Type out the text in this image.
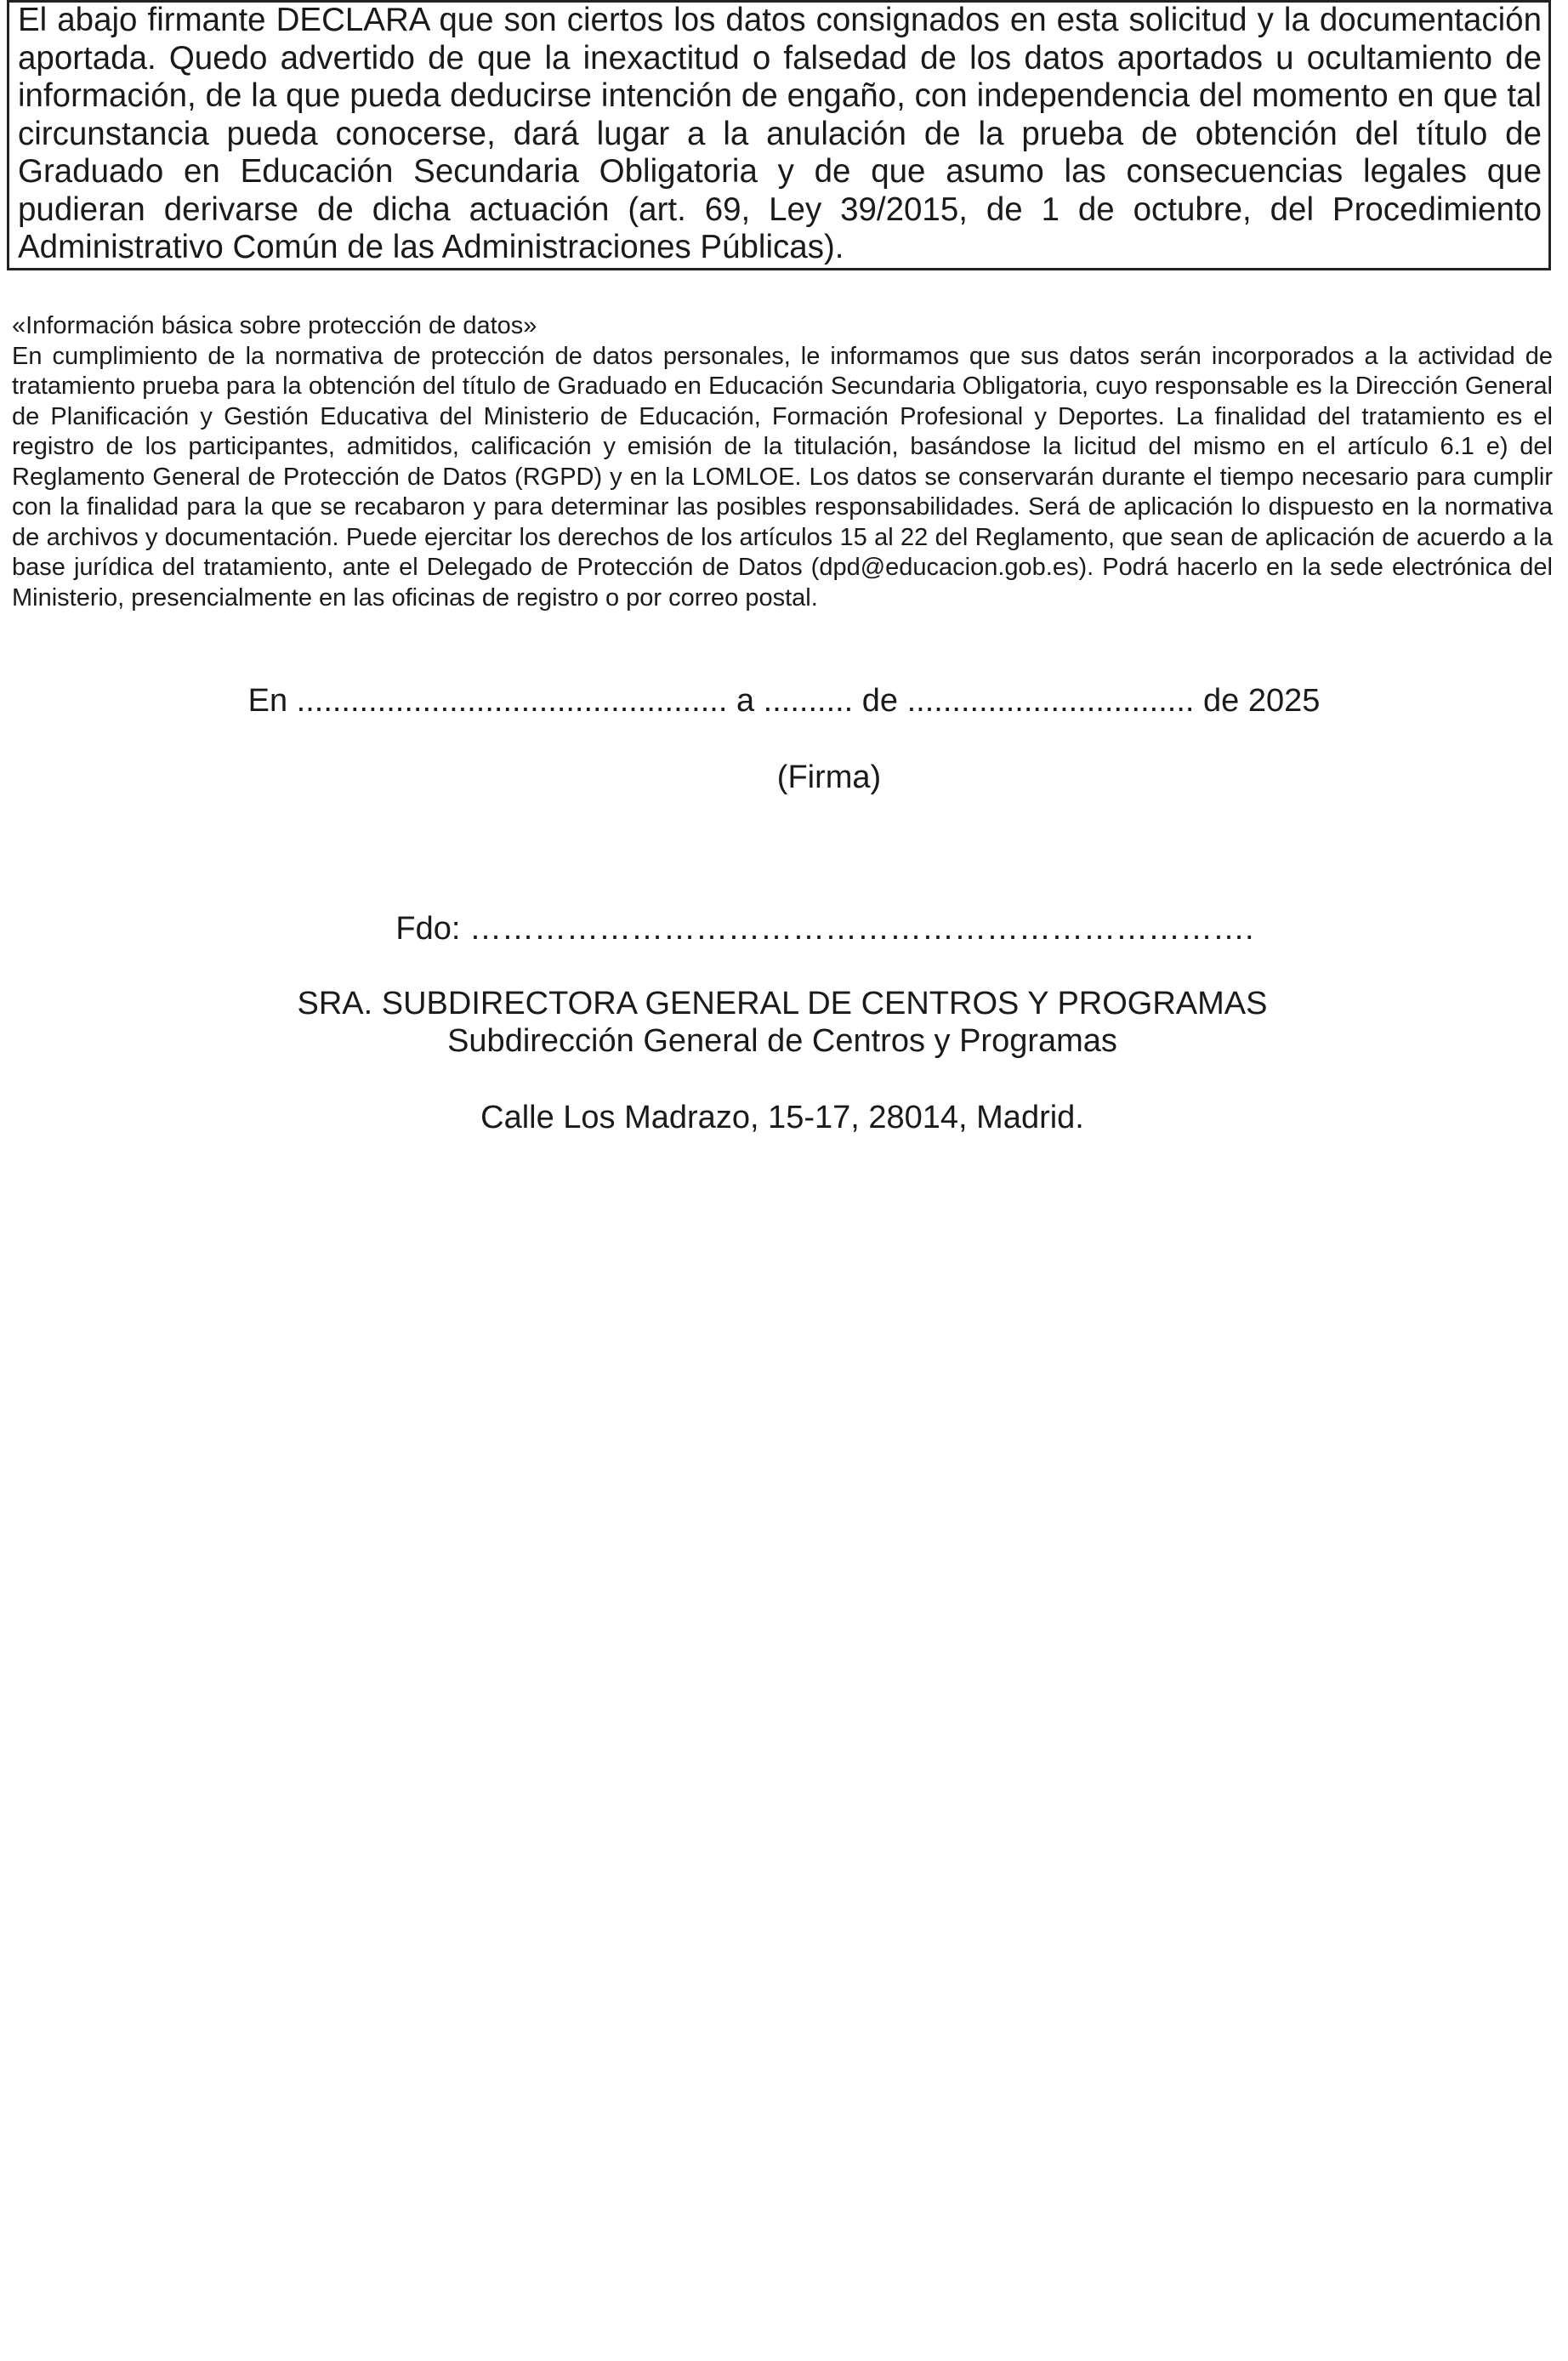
El abajo firmante DECLARA que son ciertos los datos consignados en esta solicitud y la documentación aportada. Quedo advertido de que la inexactitud o falsedad de los datos aportados u ocultamiento de información, de la que pueda deducirse intención de engaño, con independencia del momento en que tal circunstancia pueda conocerse, dará lugar a la anulación de la prueba de obtención del título de Graduado en Educación Secundaria Obligatoria y de que asumo las consecuencias legales que pudieran derivarse de dicha actuación (art. 69, Ley 39/2015, de 1 de octubre, del Procedimiento Administrativo Común de las Administraciones Públicas).

«Información básica sobre protección de datos»

En cumplimiento de la normativa de protección de datos personales, le informamos que sus datos serán incorporados a la actividad de tratamiento prueba para la obtención del título de Graduado en Educación Secundaria Obligatoria, cuyo responsable es la Dirección General de Planificación y Gestión Educativa del Ministerio de Educación, Formación Profesional y Deportes. La finalidad del tratamiento es el registro de los participantes, admitidos, calificación y emisión de la titulación, basándose la licitud del mismo en el artículo 6.1 e) del Reglamento General de Protección de Datos (RGPD) y en la LOMLOE. Los datos se conservarán durante el tiempo necesario para cumplir con la finalidad para la que se recabaron y para determinar las posibles responsabilidades. Será de aplicación lo dispuesto en la normativa de archivos y documentación. Puede ejercitar los derechos de los artículos 15 al 22 del Reglamento, que sean de aplicación de acuerdo a la base jurídica del tratamiento, ante el Delegado de Protección de Datos (dpd@educacion.gob.es). Podrá hacerlo en la sede electrónica del Ministerio, presencialmente en las oficinas de registro o por correo postal.

En ................................................ a .......... de ................................ de 2025
(Firma)
Fdo: ……………………………………………………………….
SRA. SUBDIRECTORA GENERAL DE CENTROS Y PROGRAMAS
Subdirección General de Centros y Programas
Calle Los Madrazo, 15-17, 28014, Madrid.
